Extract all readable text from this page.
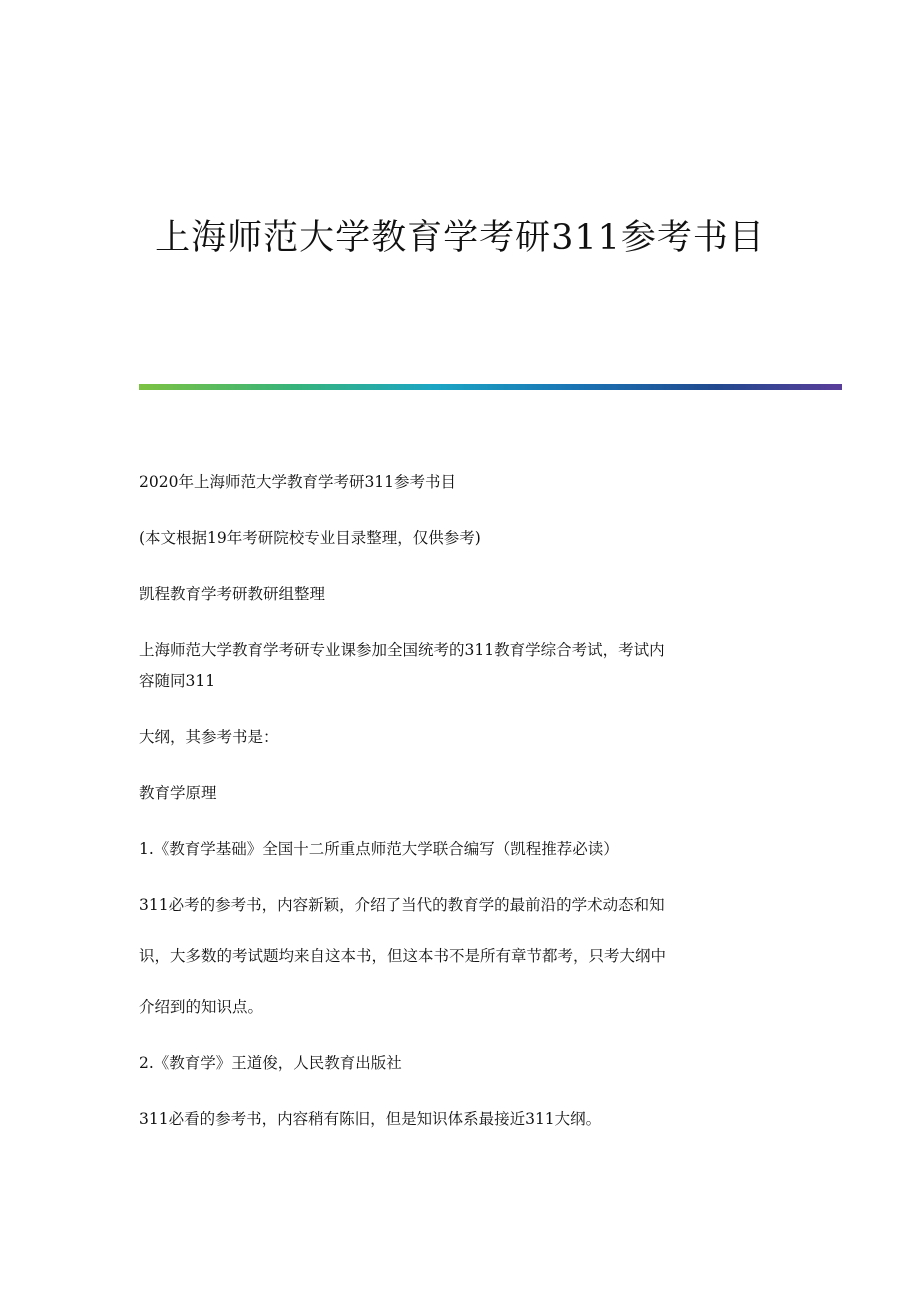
上海师范大学教育学考研311参考书目

2020年上海师范大学教育学考研311参考书目

(本文根据19年考研院校专业目录整理，仅供参考)

凯程教育学考研教研组整理

上海师范大学教育学考研专业课参加全国统考的311教育学综合考试，考试内

容随同311

大纲，其参考书是：

教育学原理

1.《教育学基础》全国十二所重点师范大学联合编写（凯程推荐必读）

311必考的参考书，内容新颖，介绍了当代的教育学的最前沿的学术动态和知
识，大多数的考试题均来自这本书，但这本书不是所有章节都考，只考大纲中
介绍到的知识点。

2.《教育学》王道俊，人民教育出版社

311必看的参考书，内容稍有陈旧，但是知识体系最接近311大纲。
